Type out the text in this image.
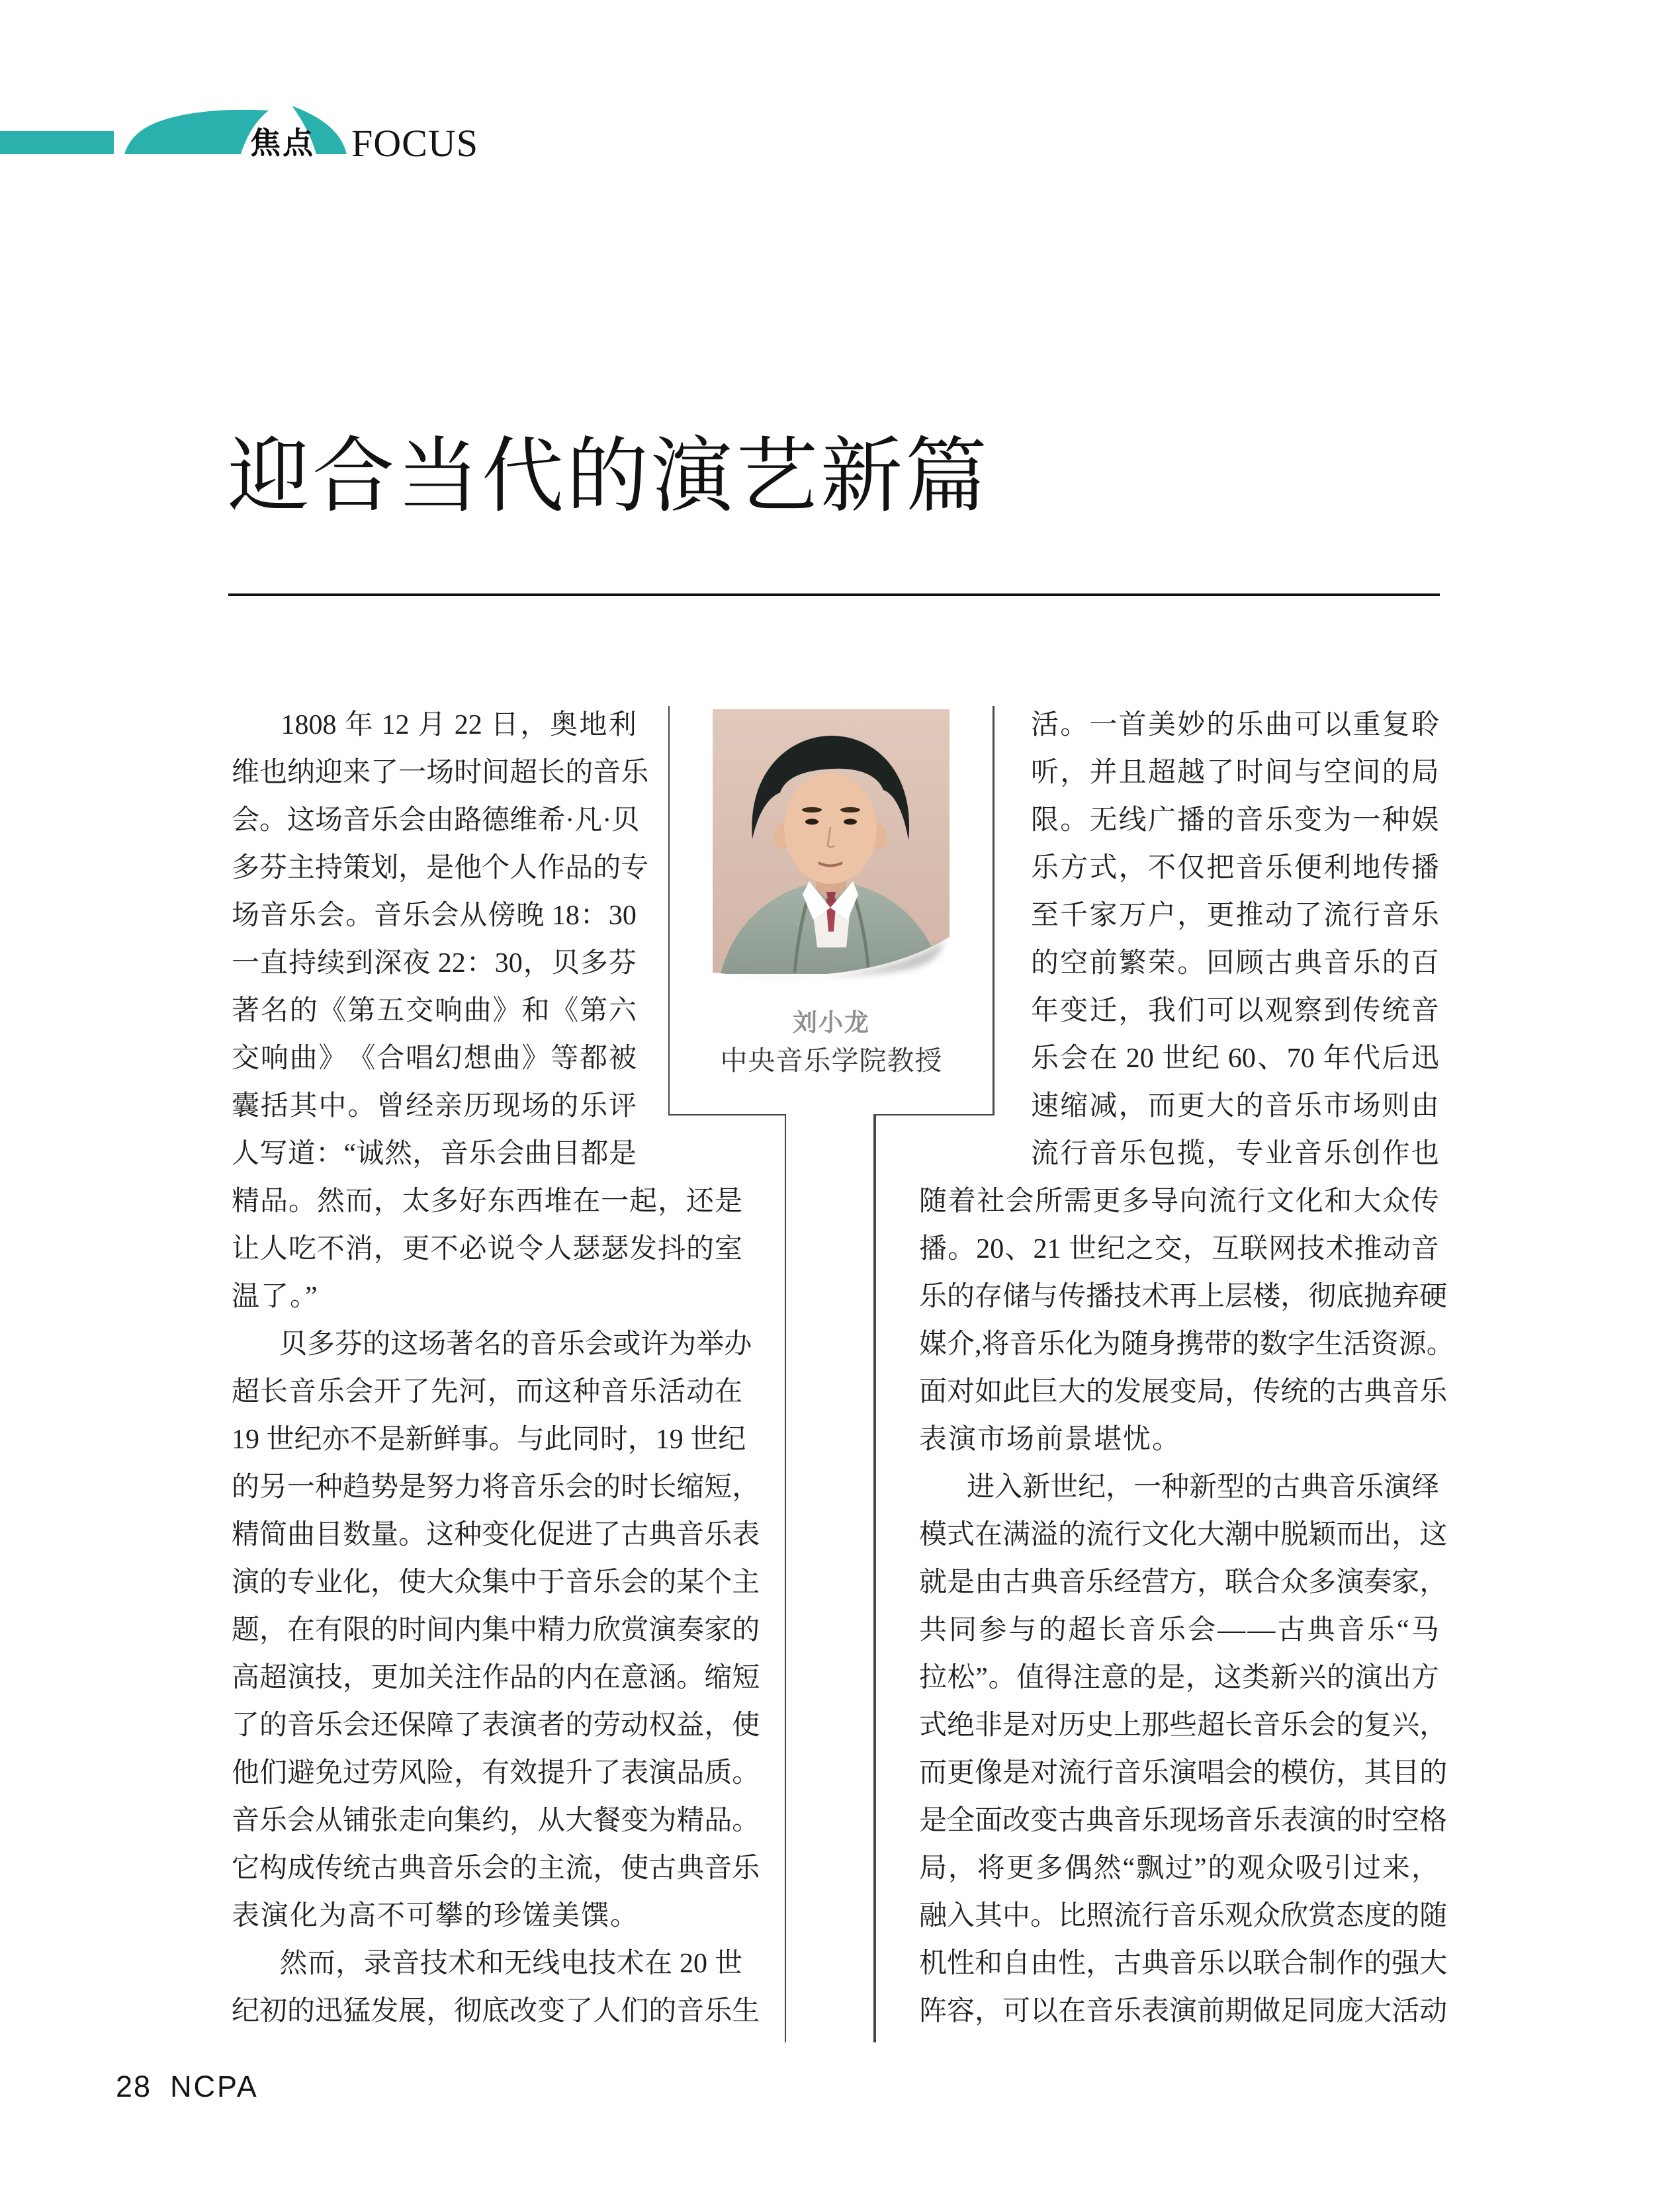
焦点 FOCUS
迎合当代的演艺新篇
刘小龙
中央音乐学院教授
1808 年 12 月 22 日 ， 奥 地 利
维 也 纳 迎 来 了 一 场 时 间 超 长 的 音 乐
会 。 这 场 音 乐 会 由 路 德 维 希 · 凡 · 贝
多 芬 主 持 策 划 ， 是 他 个 人 作 品 的 专
场 音 乐 会 。 音 乐 会 从 傍 晚 18 ： 30
一 直 持 续 到 深 夜 22 ： 30 ， 贝 多 芬
著 名 的 《 第 五 交 响 曲 》 和 《 第 六
交 响 曲 》 《 合 唱 幻 想 曲 》 等 都 被
囊 括 其 中 。 曾 经 亲 历 现 场 的 乐 评
人 写 道 ： “ 诚 然 ， 音 乐 会 曲 目 都 是
精 品 。 然 而 ， 太 多 好 东 西 堆 在 一 起 ， 还 是
让 人 吃 不 消 ， 更 不 必 说 令 人 瑟 瑟 发 抖 的 室
温了。”
贝 多 芬 的 这 场 著 名 的 音 乐 会 或 许 为 举 办
超 长 音 乐 会 开 了 先 河 ， 而 这 种 音 乐 活 动 在
19 世 纪 亦 不 是 新 鲜 事 。 与 此 同 时 ， 19 世 纪
的 另 一 种 趋 势 是 努 力 将 音 乐 会 的 时 长 缩 短 ，
精 简 曲 目 数 量 。 这 种 变 化 促 进 了 古 典 音 乐 表
演 的 专 业 化 ， 使 大 众 集 中 于 音 乐 会 的 某 个 主
题 ， 在 有 限 的 时 间 内 集 中 精 力 欣 赏 演 奏 家 的
高 超 演 技 ， 更 加 关 注 作 品 的 内 在 意 涵 。 缩 短
了 的 音 乐 会 还 保 障 了 表 演 者 的 劳 动 权 益 ， 使
他 们 避 免 过 劳 风 险 ， 有 效 提 升 了 表 演 品 质 。
音 乐 会 从 铺 张 走 向 集 约 ， 从 大 餐 变 为 精 品 。
它 构 成 传 统 古 典 音 乐 会 的 主 流 ， 使 古 典 音 乐
表演化为高不可攀的珍馐美馔。
然 而 ， 录 音 技 术 和 无 线 电 技 术 在 20 世
纪 初 的 迅 猛 发 展 ， 彻 底 改 变 了 人 们 的 音 乐 生
活 。 一 首 美 妙 的 乐 曲 可 以 重 复 聆
听 ， 并 且 超 越 了 时 间 与 空 间 的 局
限 。 无 线 广 播 的 音 乐 变 为 一 种 娱
乐 方 式 ， 不 仅 把 音 乐 便 利 地 传 播
至 千 家 万 户 ， 更 推 动 了 流 行 音 乐
的 空 前 繁 荣 。 回 顾 古 典 音 乐 的 百
年 变 迁 ， 我 们 可 以 观 察 到 传 统 音
乐 会 在 20 世 纪 60 、 70 年 代 后 迅
速 缩 减 ， 而 更 大 的 音 乐 市 场 则 由
流 行 音 乐 包 揽 ， 专 业 音 乐 创 作 也
随 着 社 会 所 需 更 多 导 向 流 行 文 化 和 大 众 传
播 。 20 、 21 世 纪 之 交 ， 互 联 网 技 术 推 动 音
乐 的 存 储 与 传 播 技 术 再 上 层 楼 ， 彻 底 抛 弃 硬
媒 介 , 将 音 乐 化 为 随 身 携 带 的 数 字 生 活 资 源 。
面 对 如 此 巨 大 的 发 展 变 局 ， 传 统 的 古 典 音 乐
表演市场前景堪忧。
进 入 新 世 纪 ， 一 种 新 型 的 古 典 音 乐 演 绎
模 式 在 满 溢 的 流 行 文 化 大 潮 中 脱 颖 而 出 ， 这
就 是 由 古 典 音 乐 经 营 方 ， 联 合 众 多 演 奏 家 ，
共 同 参 与 的 超 长 音 乐 会 — — 古 典 音 乐 “ 马
拉 松 ” 。 值 得 注 意 的 是 ， 这 类 新 兴 的 演 出 方
式 绝 非 是 对 历 史 上 那 些 超 长 音 乐 会 的 复 兴 ，
而 更 像 是 对 流 行 音 乐 演 唱 会 的 模 仿 ， 其 目 的
是 全 面 改 变 古 典 音 乐 现 场 音 乐 表 演 的 时 空 格
局 ， 将 更 多 偶 然 “ 飘 过 ” 的 观 众 吸 引 过 来 ，
融 入 其 中 。 比 照 流 行 音 乐 观 众 欣 赏 态 度 的 随
机 性 和 自 由 性 ， 古 典 音 乐 以 联 合 制 作 的 强 大
阵 容 ， 可 以 在 音 乐 表 演 前 期 做 足 同 庞 大 活 动
28 NCPA
